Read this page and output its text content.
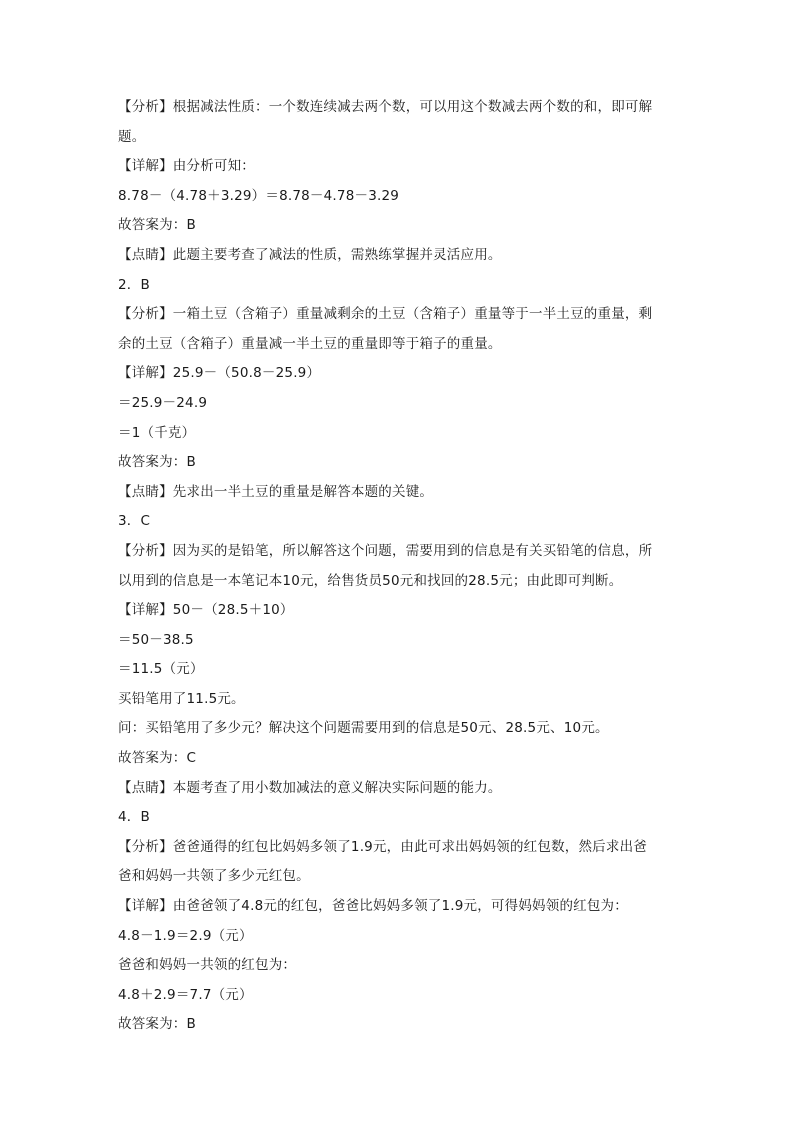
【分析】根据减法性质：一个数连续减去两个数，可以用这个数减去两个数的和，即可解
题。
【详解】由分析可知：
8.78－（4.78＋3.29）＝8.78－4.78－3.29
故答案为：B
【点睛】此题主要考查了减法的性质，需熟练掌握并灵活应用。
2．B
【分析】一箱土豆（含箱子）重量减剩余的土豆（含箱子）重量等于一半土豆的重量，剩
余的土豆（含箱子）重量减一半土豆的重量即等于箱子的重量。
【详解】25.9－（50.8－25.9）
＝25.9－24.9
＝1（千克）
故答案为：B
【点睛】先求出一半土豆的重量是解答本题的关键。
3．C
【分析】因为买的是铅笔，所以解答这个问题，需要用到的信息是有关买铅笔的信息，所
以用到的信息是一本笔记本10元，给售货员50元和找回的28.5元；由此即可判断。
【详解】50－（28.5＋10）
＝50－38.5
＝11.5（元）
买铅笔用了11.5元。
问：买铅笔用了多少元？解决这个问题需要用到的信息是50元、28.5元、10元。
故答案为：C
【点睛】本题考查了用小数加减法的意义解决实际问题的能力。
4．B
【分析】爸爸通得的红包比妈妈多领了1.9元，由此可求出妈妈领的红包数，然后求出爸
爸和妈妈一共领了多少元红包。
【详解】由爸爸领了4.8元的红包，爸爸比妈妈多领了1.9元，可得妈妈领的红包为：
4.8－1.9＝2.9（元）
爸爸和妈妈一共领的红包为：
4.8＋2.9＝7.7（元）
故答案为：B
